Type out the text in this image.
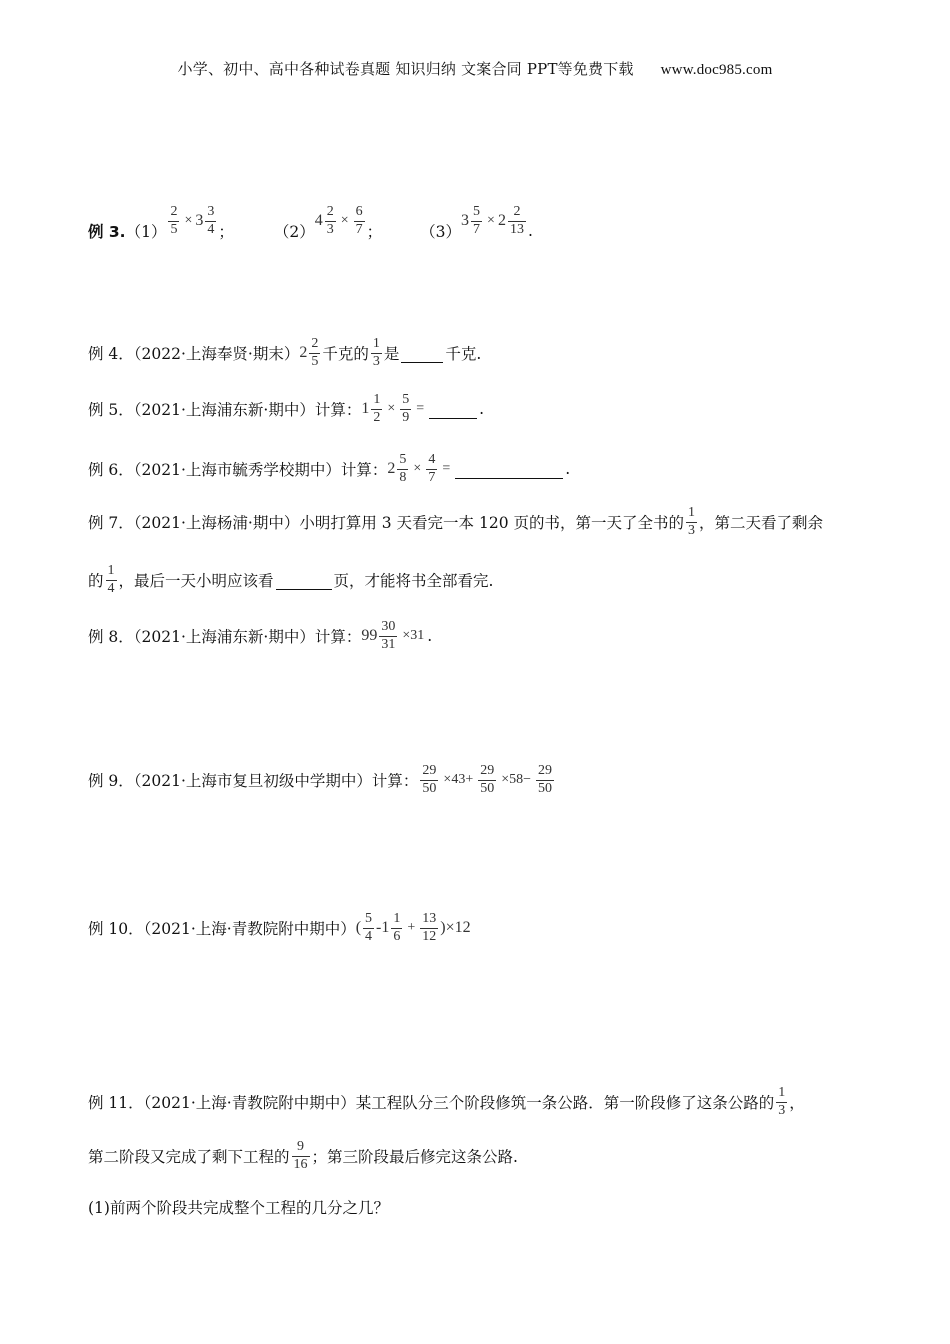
小学、初中、高中各种试卷真题 知识归纳 文案合同 PPT等免费下载 www.doc985.com
例 3. $(1) \frac{2}{5} \times 3 \frac{3}{4}$ ；	（2）
$4 \frac{2}{3} \times \frac{6}{7}$ ； （3）
$3 \frac{5}{7} \times 2 \frac{2}{13}$ .
例 4．（2022·上海奉贤·期末） $2 \frac{2}{5}$ 千克的 $\frac{1}{3}$ 是	千克.
例 5．（2021·上海浦东新·期中）计算： $1 \frac{1}{2} \times \frac{5}{9}$ =	.
例 6．（2021·上海市毓秀学校期中）计算： $2 \frac{5}{8} \times \frac{4}{7}$ =	.
例 7．（2021·上海杨浦·期中）小明打算用 3 天看完一本 120 页的书，第一天了全书的 $\frac{1}{3}$ ，第二天看了剩余
的 $\frac{1}{4}$ ，最后一天小明应该看	页，才能将书全部看完.
例 8．（2021·上海浦东新·期中）计算： $99 \frac{30}{31} \times 31$ .
例 9．（2021·上海市复旦初级中学期中）计算： $\frac{29}{50} \times 43+ \frac{29}{50} \times 58- \frac{29}{50}$
例 10．（2021·上海·青教院附中期中） ( $\frac{5}{4} -1 \frac{1}{6} + \frac{13}{12} )\times 12$
例 11．（2021·上海·青教院附中期中）某工程队分三个阶段修筑一条公路．第一阶段修了这条公路的 $\frac{1}{3}$ ，
第二阶段又完成了剩下工程的 $\frac{9}{16}$ ；第三阶段最后修完这条公路.
(1)前两个阶段共完成整个工程的几分之几？
